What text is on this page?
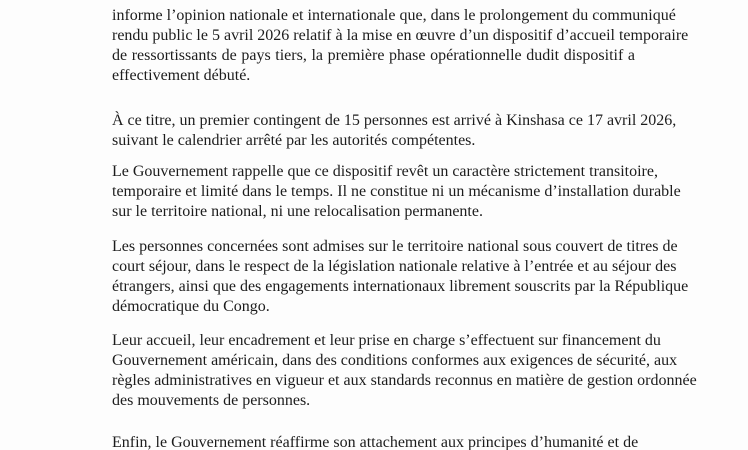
informe l’opinion nationale et internationale que, dans le prolongement du communiqué
rendu public le 5 avril 2026 relatif à la mise en œuvre d’un dispositif d’accueil temporaire
de ressortissants de pays tiers, la première phase opérationnelle dudit dispositif a
effectivement débuté.
À ce titre, un premier contingent de 15 personnes est arrivé à Kinshasa ce 17 avril 2026,
suivant le calendrier arrêté par les autorités compétentes.
Le Gouvernement rappelle que ce dispositif revêt un caractère strictement transitoire,
temporaire et limité dans le temps. Il ne constitue ni un mécanisme d’installation durable
sur le territoire national, ni une relocalisation permanente.
Les personnes concernées sont admises sur le territoire national sous couvert de titres de
court séjour, dans le respect de la législation nationale relative à l’entrée et au séjour des
étrangers, ainsi que des engagements internationaux librement souscrits par la République
démocratique du Congo.
Leur accueil, leur encadrement et leur prise en charge s’effectuent sur financement du
Gouvernement américain, dans des conditions conformes aux exigences de sécurité, aux
règles administratives en vigueur et aux standards reconnus en matière de gestion ordonnée
des mouvements de personnes.
Enfin, le Gouvernement réaffirme son attachement aux principes d’humanité et de
